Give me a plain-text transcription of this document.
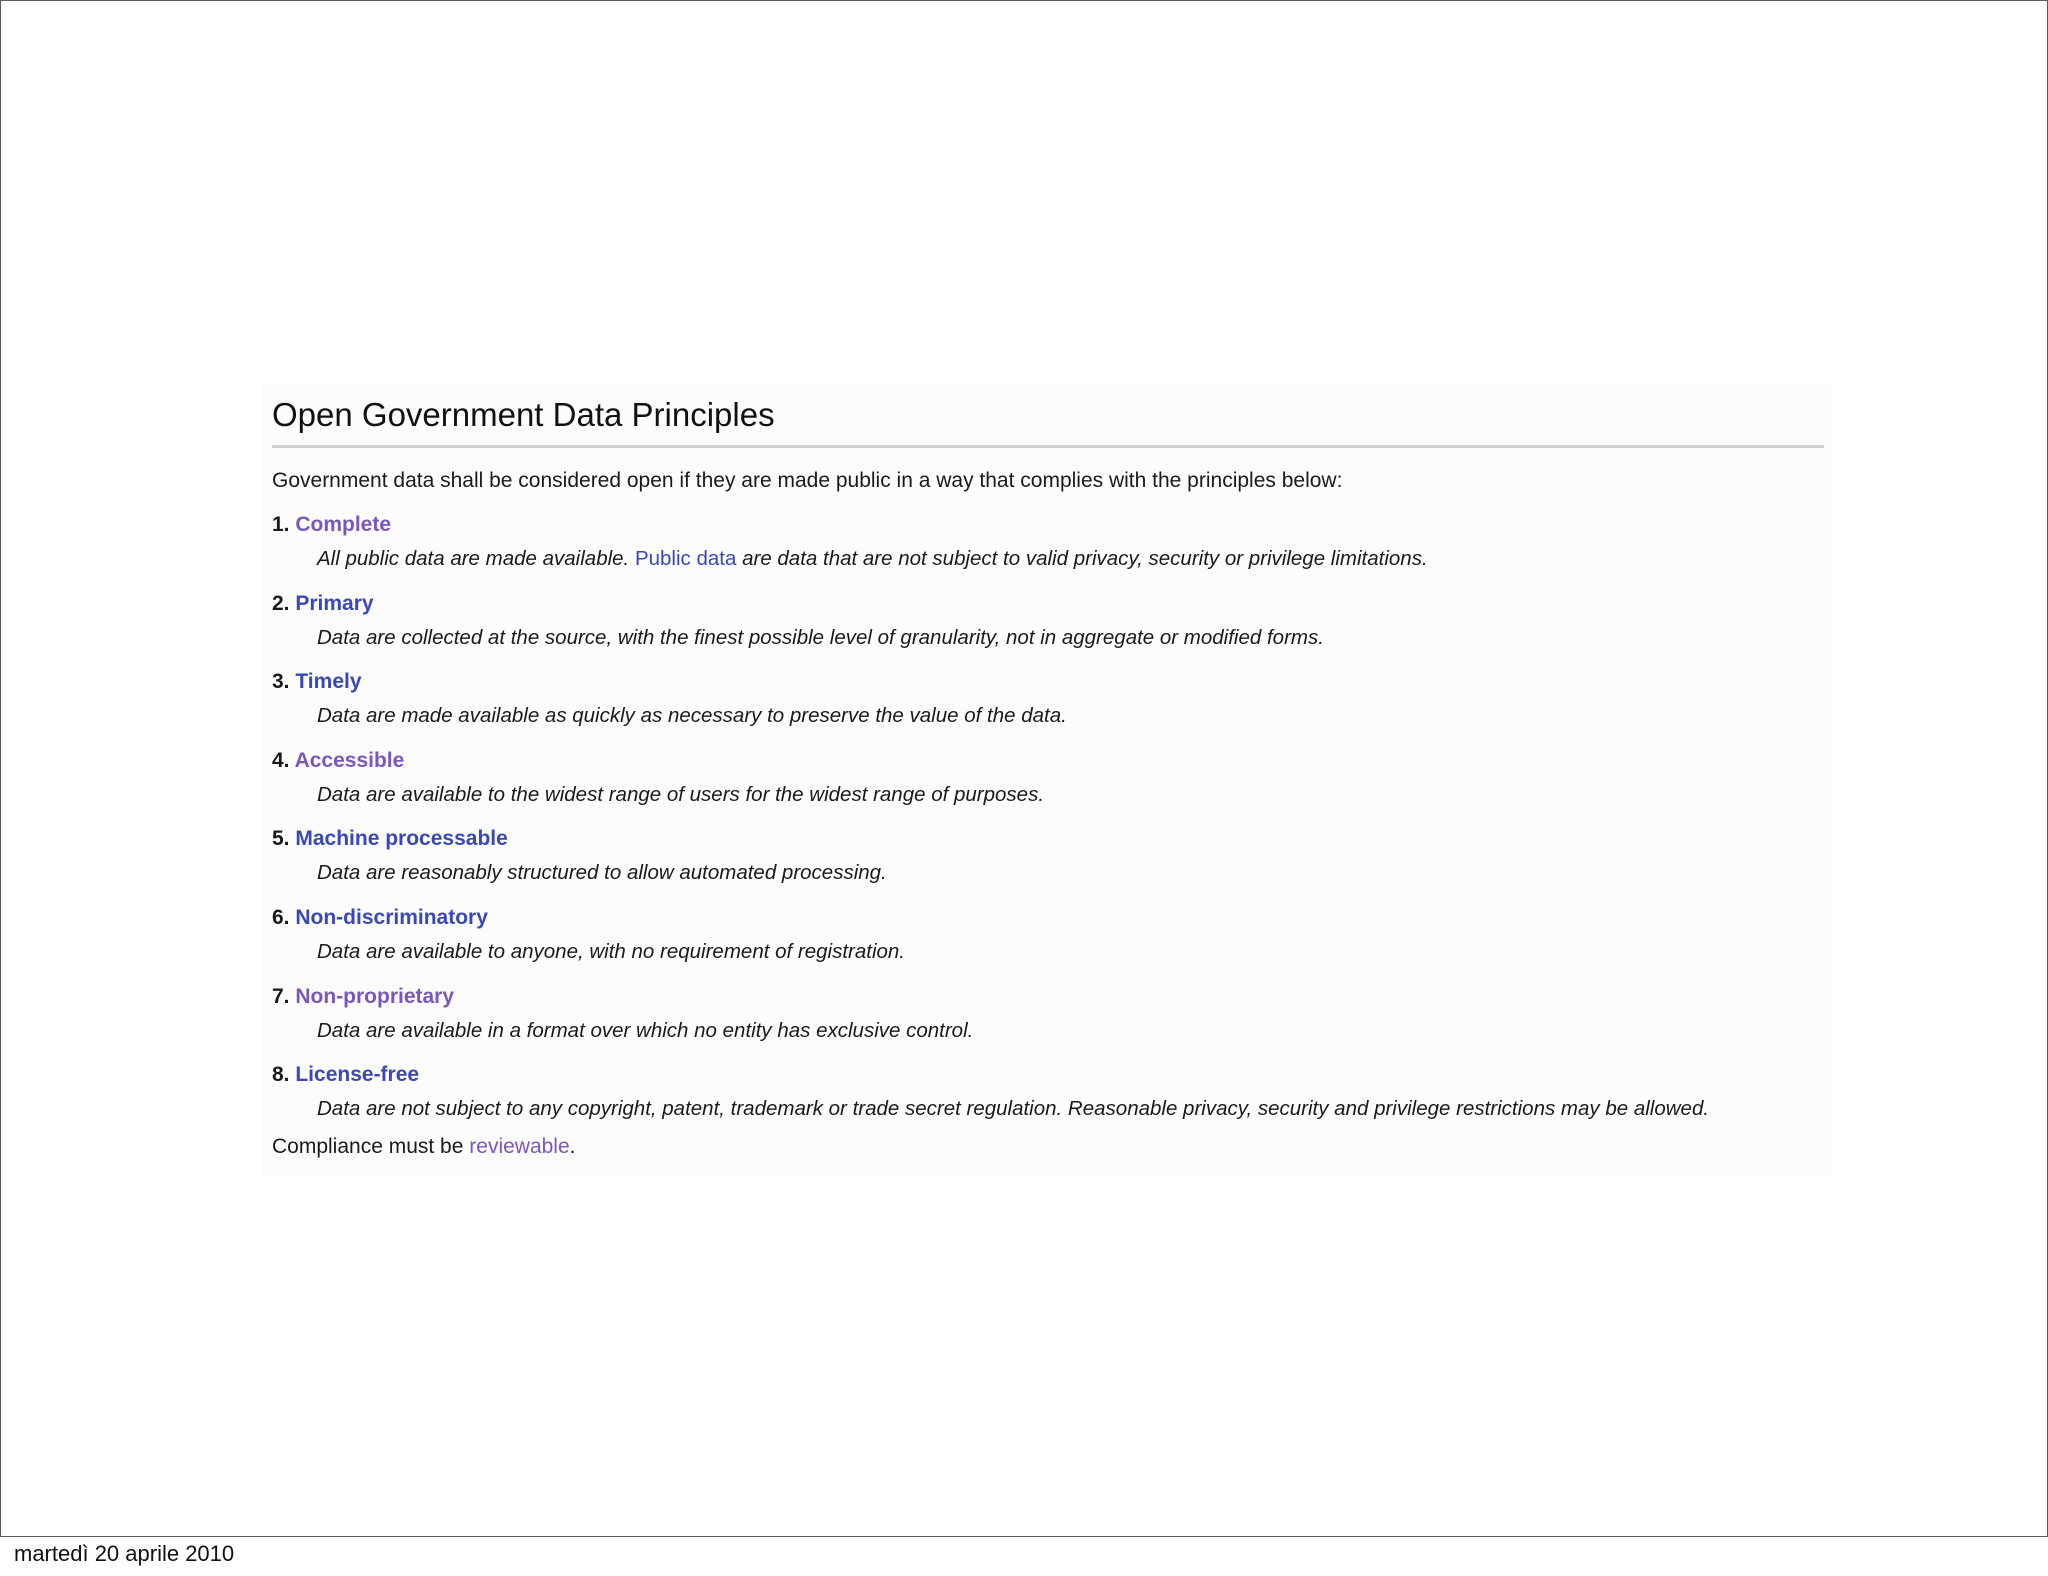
Open Government Data Principles
Government data shall be considered open if they are made public in a way that complies with the principles below:
1. Complete
All public data are made available. Public data are data that are not subject to valid privacy, security or privilege limitations.
2. Primary
Data are collected at the source, with the finest possible level of granularity, not in aggregate or modified forms.
3. Timely
Data are made available as quickly as necessary to preserve the value of the data.
4. Accessible
Data are available to the widest range of users for the widest range of purposes.
5. Machine processable
Data are reasonably structured to allow automated processing.
6. Non-discriminatory
Data are available to anyone, with no requirement of registration.
7. Non-proprietary
Data are available in a format over which no entity has exclusive control.
8. License-free
Data are not subject to any copyright, patent, trademark or trade secret regulation. Reasonable privacy, security and privilege restrictions may be allowed.
Compliance must be reviewable.
martedì 20 aprile 2010
